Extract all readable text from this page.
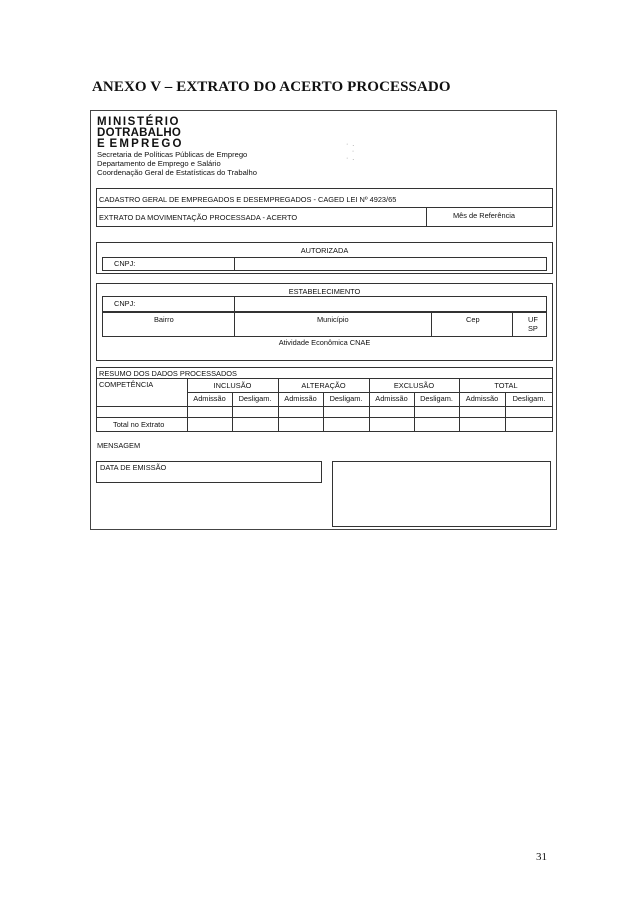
ANEXO V – EXTRATO DO ACERTO PROCESSADO
MINISTÉRIO
DOTRABALHO
E EMPREGO
Secretaria de Políticas Públicas de Emprego
Departamento de Emprego e Salário
Coordenação Geral de Estatísticas do Trabalho
·  .
·
·  .
CADASTRO GERAL DE EMPREGADOS E DESEMPREGADOS - CAGED LEI Nº 4923/65
EXTRATO DA MOVIMENTAÇÃO PROCESSADA - ACERTO	Mês de Referência
AUTORIZADA
CNPJ:
ESTABELECIMENTO
CNPJ:
Bairro	Município	Cep	UF
SP
Atividade Econômica CNAE
RESUMO DOS DADOS PROCESSADOS
COMPETÊNCIA	INCLUSÃO	ALTERAÇÃO	EXCLUSÃO	TOTAL
Admissão	Desligam.	Admissão	Desligam.	Admissão	Desligam.	Admissão	Desligam.
Total no Extrato
MENSAGEM
DATA DE EMISSÃO
31
